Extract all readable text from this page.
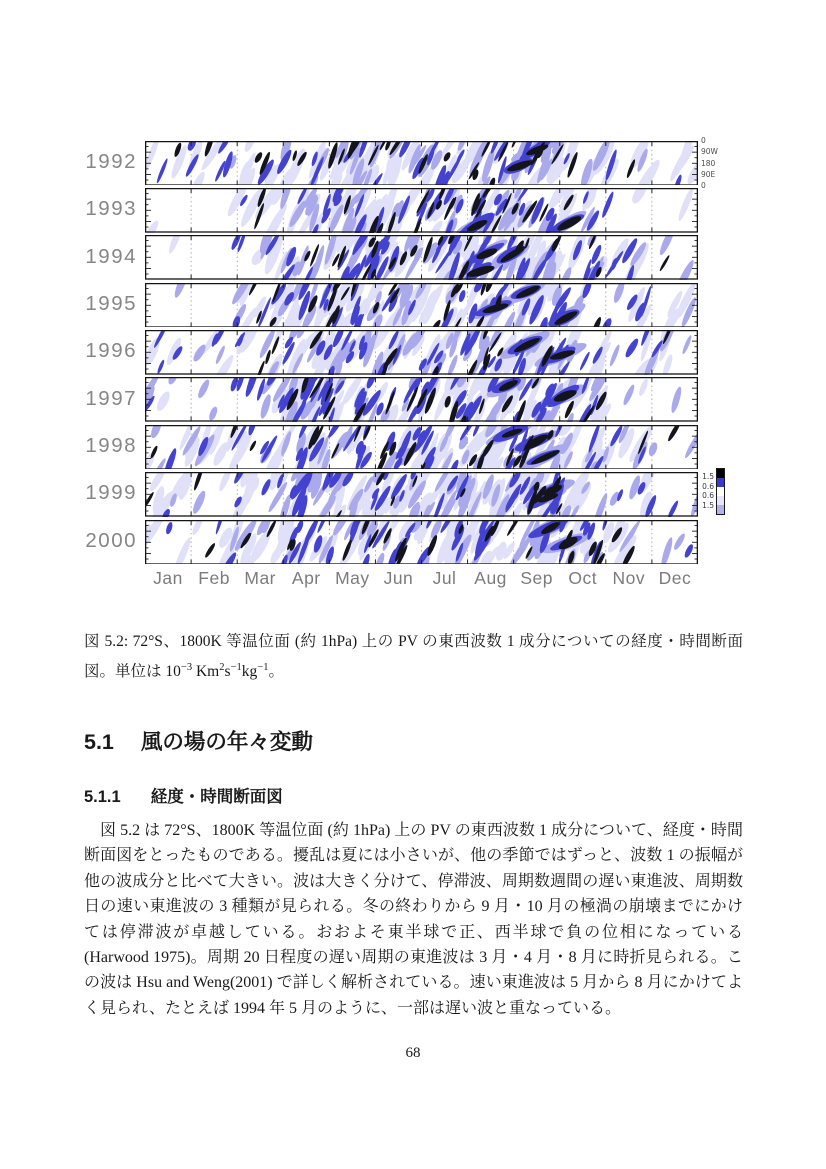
1992
1993
1994
1995
1996
1997
1998
1999
2000
0
90W
180
90E
0
Jan Feb Mar Apr May Jun	Jul	Aug Sep Oct Nov Dec
図 5.2: 72°S、1800K 等温位面 (約 1hPa) 上の PV の東西波数 1 成分についての経度・時間断面図。単位は $10^{-3}$ $Km^2s^{-1}kg^{-1}$。
5.1 風の場の年々変動
5.1.1 経度・時間断面図
図 5.2 は 72°S、1800K 等温位面 (約 1hPa) 上の PV の東西波数 1 成分について、経度・時間断面図をとったものである。擾乱は夏には小さいが、他の季節ではずっと、波数 1 の振幅が他の波成分と比べて大きい。波は大きく分けて、停滞波、周期数週間の遅い東進波、周期数日の速い東進波の 3 種類が見られる。冬の終わりから 9 月・10 月の極渦の崩壊までにかけては停滞波が卓越している。おおよそ東半球で正、西半球で負の位相になっている (Harwood 1975)。周期 20 日程度の遅い周期の東進波は 3 月・4 月・8 月に時折見られる。この波は Hsu and Weng(2001) で詳しく解析されている。速い東進波は 5 月から 8 月にかけてよく見られ、たとえば 1994 年 5 月のように、一部は遅い波と重なっている。
68
1.5
0.6
0.6
1.5
